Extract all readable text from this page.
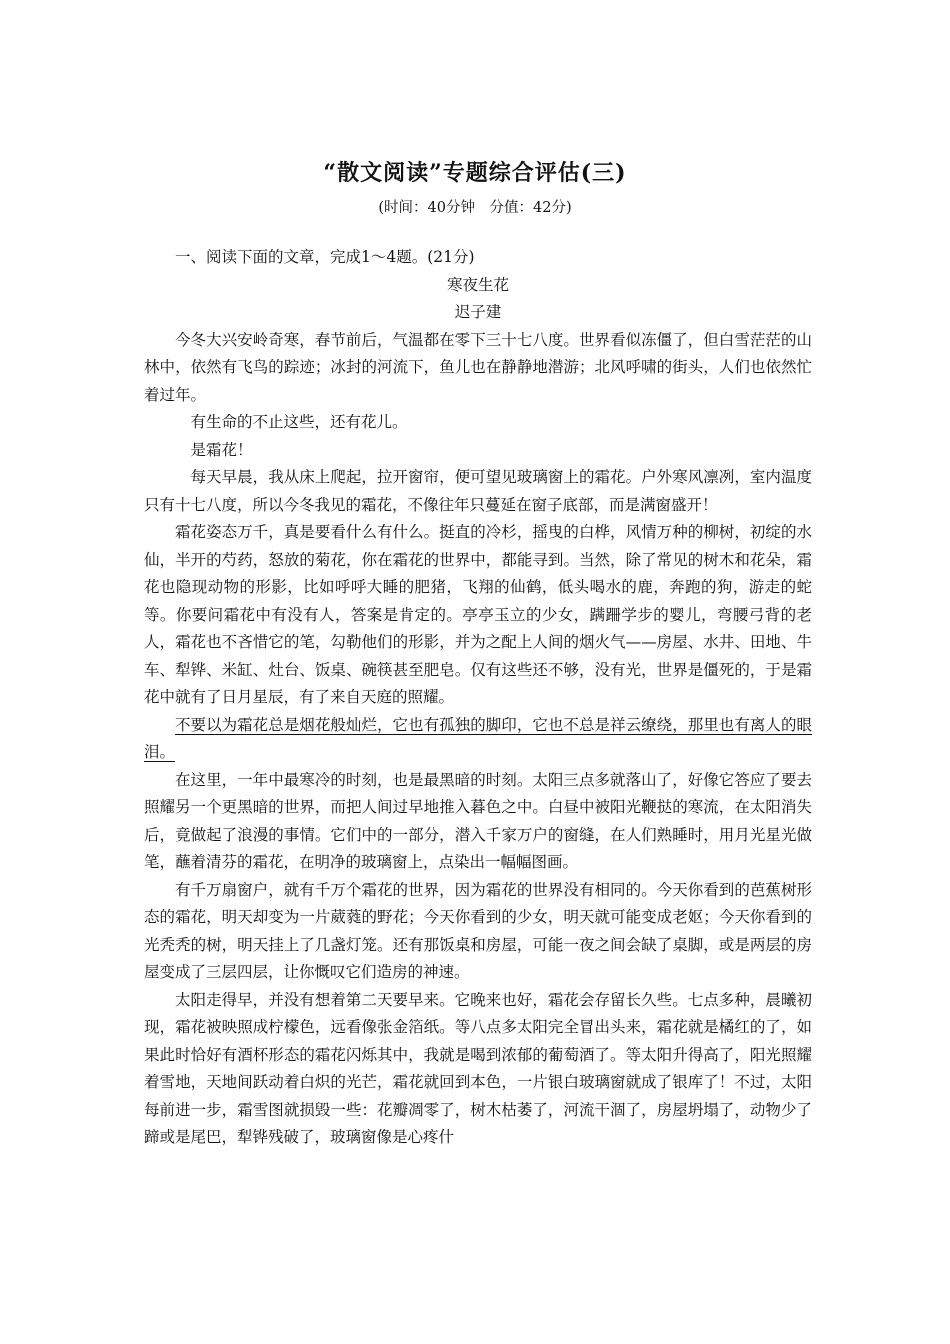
“散文阅读”专题综合评估(三)
(时间：40分钟　分值：42分)

一、阅读下面的文章，完成1～4题。(21分)

寒夜生花

迟子建

今冬大兴安岭奇寒，春节前后，气温都在零下三十七八度。世界看似冻僵了，但白雪茫茫的山林中，依然有飞鸟的踪迹；冰封的河流下，鱼儿也在静静地潜游；北风呼啸的街头，人们也依然忙着过年。

有生命的不止这些，还有花儿。

是霜花！

每天早晨，我从床上爬起，拉开窗帘，便可望见玻璃窗上的霜花。户外寒风凛冽，室内温度只有十七八度，所以今冬我见的霜花，不像往年只蔓延在窗子底部，而是满窗盛开！

霜花姿态万千，真是要看什么有什么。挺直的冷杉，摇曳的白桦，风情万种的柳树，初绽的水仙，半开的芍药，怒放的菊花，你在霜花的世界中，都能寻到。当然，除了常见的树木和花朵，霜花也隐现动物的形影，比如呼呼大睡的肥猪，飞翔的仙鹤，低头喝水的鹿，奔跑的狗，游走的蛇等。你要问霜花中有没有人，答案是肯定的。亭亭玉立的少女，蹒跚学步的婴儿，弯腰弓背的老人，霜花也不吝惜它的笔，勾勒他们的形影，并为之配上人间的烟火气——房屋、水井、田地、牛车、犁铧、米缸、灶台、饭桌、碗筷甚至肥皂。仅有这些还不够，没有光，世界是僵死的，于是霜花中就有了日月星辰，有了来自天庭的照耀。

不要以为霜花总是烟花般灿烂，它也有孤独的脚印，它也不总是祥云缭绕，那里也有离人的眼泪。

在这里，一年中最寒冷的时刻，也是最黑暗的时刻。太阳三点多就落山了，好像它答应了要去照耀另一个更黑暗的世界，而把人间过早地推入暮色之中。白昼中被阳光鞭挞的寒流，在太阳消失后，竟做起了浪漫的事情。它们中的一部分，潜入千家万户的窗缝，在人们熟睡时，用月光星光做笔，蘸着清芬的霜花，在明净的玻璃窗上，点染出一幅幅图画。

有千万扇窗户，就有千万个霜花的世界，因为霜花的世界没有相同的。今天你看到的芭蕉树形态的霜花，明天却变为一片葳蕤的野花；今天你看到的少女，明天就可能变成老妪；今天你看到的光秃秃的树，明天挂上了几盏灯笼。还有那饭桌和房屋，可能一夜之间会缺了桌脚，或是两层的房屋变成了三层四层，让你慨叹它们造房的神速。

太阳走得早，并没有想着第二天要早来。它晚来也好，霜花会存留长久些。七点多种，晨曦初现，霜花被映照成柠檬色，远看像张金箔纸。等八点多太阳完全冒出头来，霜花就是橘红的了，如果此时恰好有酒杯形态的霜花闪烁其中，我就是喝到浓郁的葡萄酒了。等太阳升得高了，阳光照耀着雪地，天地间跃动着白炽的光芒，霜花就回到本色，一片银白玻璃窗就成了银库了！不过，太阳每前进一步，霜雪图就损毁一些：花瓣凋零了，树木枯萎了，河流干涸了，房屋坍塌了，动物少了蹄或是尾巴，犁铧残破了，玻璃窗像是心疼什
